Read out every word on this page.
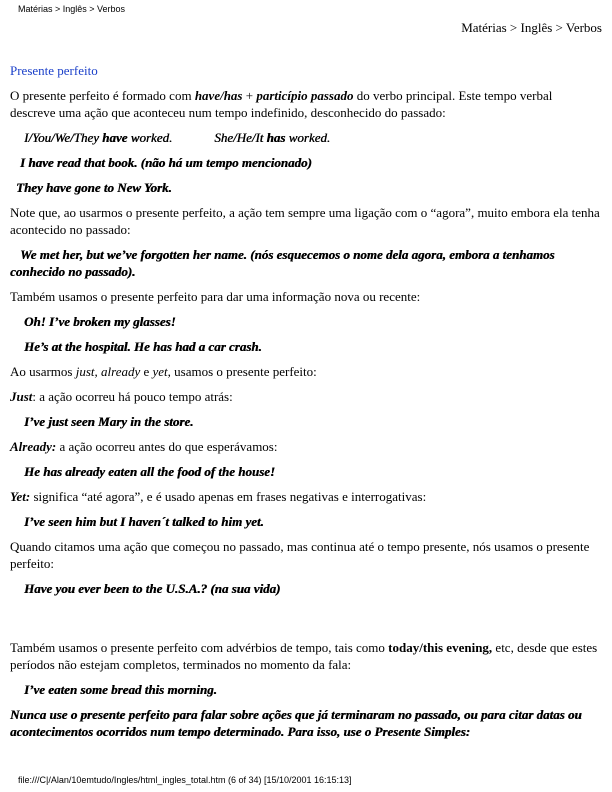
Matérias > Inglês > Verbos
Matérias > Inglês > Verbos
Presente perfeito
O presente perfeito é formado com have/has + particípio passado do verbo principal. Este tempo verbal descreve uma ação que aconteceu num tempo indefinido, desconhecido do passado:
I/You/We/They have worked.	She/He/It has worked.
I have read that book. (não há um tempo mencionado)
They have gone to New York.
Note que, ao usarmos o presente perfeito, a ação tem sempre uma ligação com o “agora”, muito embora ela tenha acontecido no passado:
We met her, but we’ve forgotten her name. (nós esquecemos o nome dela agora, embora a tenhamos conhecido no passado).
Também usamos o presente perfeito para dar uma informação nova ou recente:
Oh! I’ve broken my glasses!
He’s at the hospital. He has had a car crash.
Ao usarmos just, already e yet, usamos o presente perfeito:
Just: a ação ocorreu há pouco tempo atrás:
I’ve just seen Mary in the store.
Already: a ação ocorreu antes do que esperávamos:
He has already eaten all the food of the house!
Yet: significa “até agora”, e é usado apenas em frases negativas e interrogativas:
I’ve seen him but I haven´t talked to him yet.
Quando citamos uma ação que começou no passado, mas continua até o tempo presente, nós usamos o presente perfeito:
Have you ever been to the U.S.A.? (na sua vida)
Também usamos o presente perfeito com advérbios de tempo, tais como today/this evening, etc, desde que estes períodos não estejam completos, terminados no momento da fala:
I’ve eaten some bread this morning.
Nunca use o presente perfeito para falar sobre ações que já terminaram no passado, ou para citar datas ou acontecimentos ocorridos num tempo determinado. Para isso, use o Presente Simples:
file:///C|/Alan/10emtudo/Ingles/html_ingles_total.htm (6 of 34) [15/10/2001 16:15:13]
